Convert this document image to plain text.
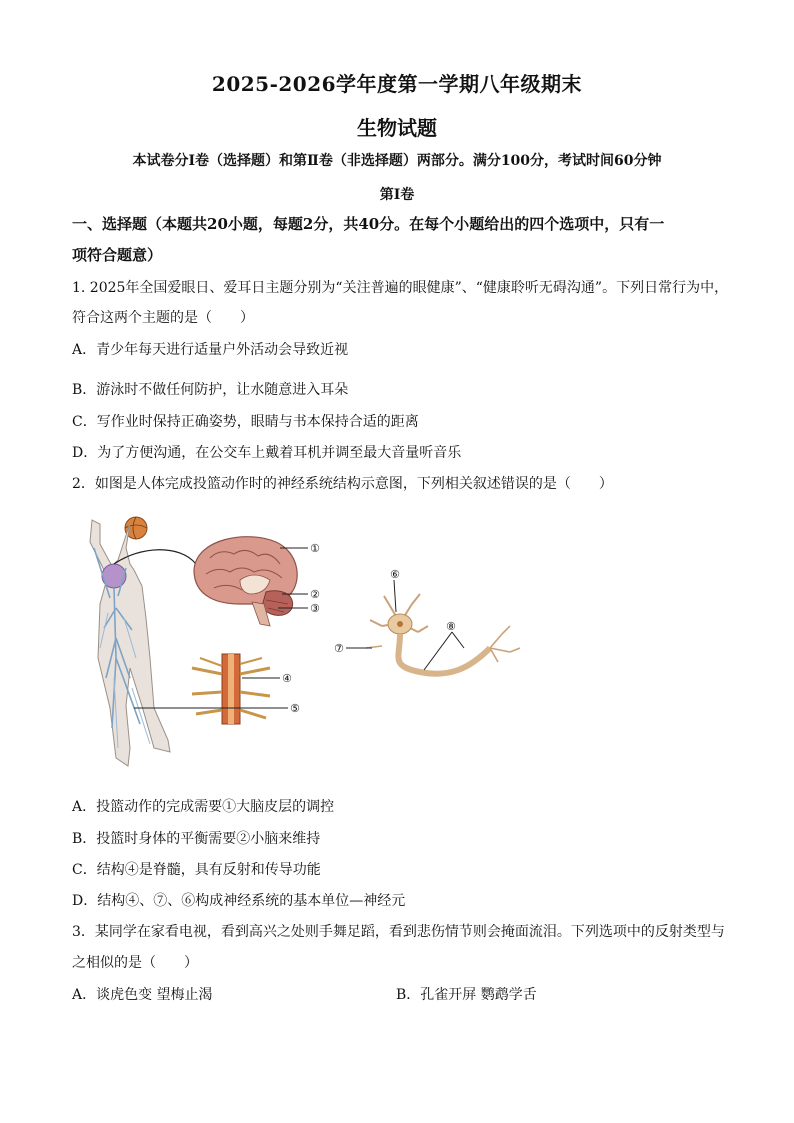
2025-2026学年度第一学期八年级期末
生物试题
本试卷分Ⅰ卷（选择题）和第Ⅱ卷（非选择题）两部分。满分100分，考试时间60分钟
第Ⅰ卷
一、选择题（本题共20小题，每题2分，共40分。在每个小题给出的四个选项中，只有一
项符合题意）
1. 2025年全国爱眼日、爱耳日主题分别为“关注普遍的眼健康”、“健康聆听无碍沟通”。下列日常行为中，
符合这两个主题的是（　　）
A．青少年每天进行适量户外活动会导致近视
B．游泳时不做任何防护，让水随意进入耳朵
C．写作业时保持正确姿势，眼睛与书本保持合适的距离
D．为了方便沟通，在公交车上戴着耳机并调至最大音量听音乐
2．如图是人体完成投篮动作时的神经系统结构示意图，下列相关叙述错误的是（　　）
①
②
③
④
⑤
⑥
⑦
⑧
A．投篮动作的完成需要①大脑皮层的调控
B．投篮时身体的平衡需要②小脑来维持
C．结构④是脊髓，具有反射和传导功能
D．结构④、⑦、⑥构成神经系统的基本单位—神经元
3．某同学在家看电视，看到高兴之处则手舞足蹈，看到悲伤情节则会掩面流泪。下列选项中的反射类型与
之相似的是（　　）
A．谈虎色变 望梅止渴	B．孔雀开屏 鹦鹉学舌
